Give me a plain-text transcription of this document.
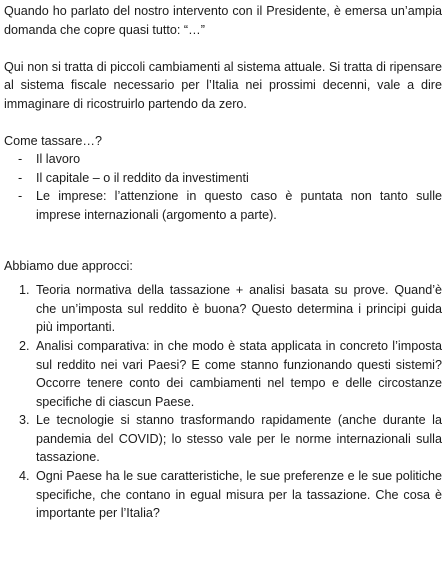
Quando ho parlato del nostro intervento con il Presidente, è emersa un’ampia domanda che copre quasi tutto: “…”

Qui non si tratta di piccoli cambiamenti al sistema attuale. Si tratta di ripensare al sistema fiscale necessario per l’Italia nei prossimi decenni, vale a dire immaginare di ricostruirlo partendo da zero.

Come tassare…?

- Il lavoro
- Il capitale – o il reddito da investimenti
- Le imprese: l’attenzione in questo caso è puntata non tanto sulle imprese internazionali (argomento a parte).

Abbiamo due approcci:

1. Teoria normativa della tassazione + analisi basata su prove. Quand’è che un’imposta sul reddito è buona? Questo determina i principi guida più importanti.
2. Analisi comparativa: in che modo è stata applicata in concreto l’imposta sul reddito nei vari Paesi? E come stanno funzionando questi sistemi? Occorre tenere conto dei cambiamenti nel tempo e delle circostanze specifiche di ciascun Paese.
3. Le tecnologie si stanno trasformando rapidamente (anche durante la pandemia del COVID); lo stesso vale per le norme internazionali sulla tassazione.
4. Ogni Paese ha le sue caratteristiche, le sue preferenze e le sue politiche specifiche, che contano in egual misura per la tassazione. Che cosa è importante per l’Italia?
